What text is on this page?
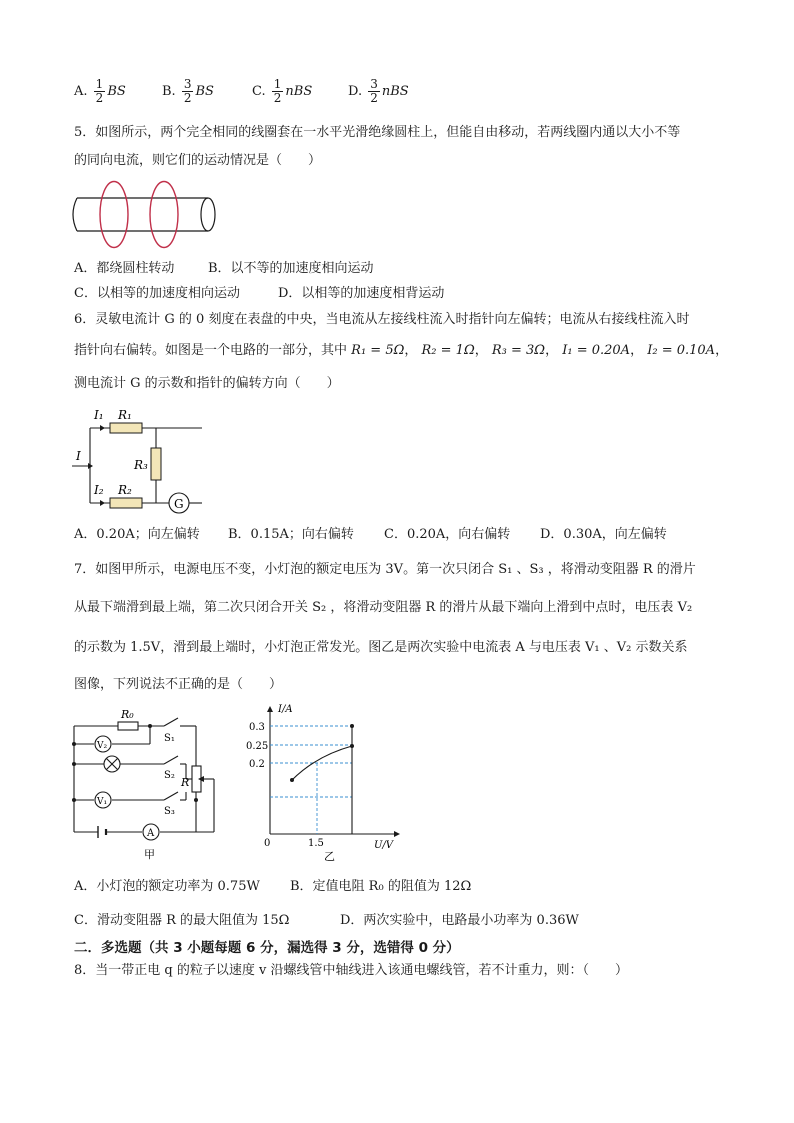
A. $\frac{1}{2}$ BS	B. $\frac{3}{2}$ BS	C. $\frac{1}{2}$ nBS	D. $\frac{3}{2}$ nBS
5．如图所示，两个完全相同的线圈套在一水平光滑绝缘圆柱上，但能自由移动，若两线圈内通以大小不等
的同向电流，则它们的运动情况是（　　）
A．都绕圆柱转动	B．以不等的加速度相向运动
C．以相等的加速度相向运动	D．以相等的加速度相背运动
6．灵敏电流计 G 的 0 刻度在表盘的中央，当电流从左接线柱流入时指针向左偏转；电流从右接线柱流入时
指针向右偏转。如图是一个电路的一部分，其中 R₁ = 5Ω， R₂ = 1Ω， R₃ = 3Ω， I₁ = 0.20A， I₂ = 0.10A，
测电流计 G 的示数和指针的偏转方向（　　）
I₁ R₁
I
R₃
I₂ R₂
G
A．0.20A；向左偏转 B．0.15A；向右偏转 C．0.20A，向右偏转 D．0.30A，向左偏转
7．如图甲所示，电源电压不变，小灯泡的额定电压为 3V。第一次只闭合 S₁ 、S₃ ，将滑动变阻器 R 的滑片
从最下端滑到最上端，第二次只闭合开关 S₂ ，将滑动变阻器 R 的滑片从最下端向上滑到中点时，电压表 V₂
的示数为 1.5V，滑到最上端时，小灯泡正常发光。图乙是两次实验中电流表 A 与电压表 V₁ 、V₂ 示数关系
图像，下列说法不正确的是（　　）
R₀
S₁
S₂
S₃
R
V₂
V₁
A
甲
I/A
U/V
0
0.3
0.25
0.2
1.5
乙
A．小灯泡的额定功率为 0.75W B．定值电阻 R₀ 的阻值为 12Ω
C．滑动变阻器 R 的最大阻值为 15Ω	D．两次实验中，电路最小功率为 0.36W
二．多选题（共 3 小题每题 6 分，漏选得 3 分，选错得 0 分）
8．当一带正电 q 的粒子以速度 v 沿螺线管中轴线进入该通电螺线管，若不计重力，则：（　　）
